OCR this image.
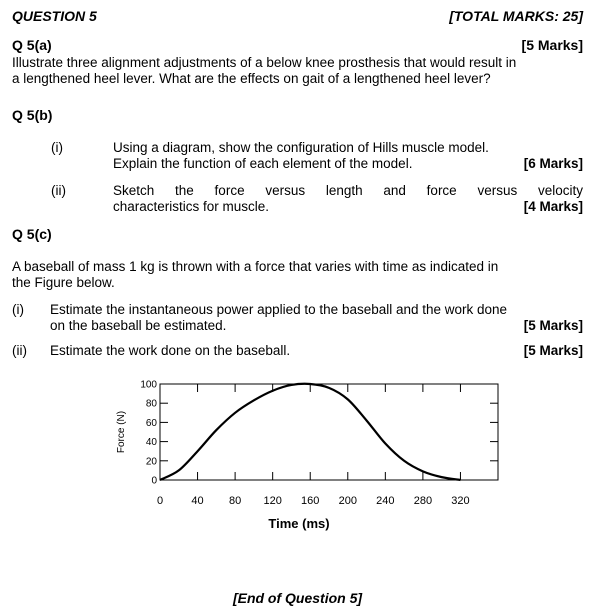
QUESTION 5	[TOTAL MARKS: 25]
Q 5(a)	[5 Marks]
Illustrate three alignment adjustments of a below knee prosthesis that would result in
a lengthened heel lever. What are the effects on gait of a lengthened heel lever?
Q 5(b)
(i)	Using a diagram, show the configuration of Hills muscle model.
Explain the function of each element of the model.	[6 Marks]
(ii)	Sketch the force versus length and force versus velocity
characteristics for muscle.	[4 Marks]
Q 5(c)
A baseball of mass 1 kg is thrown with a force that varies with time as indicated in
the Figure below.
(i) Estimate the instantaneous power applied to the baseball and the work done
on the baseball be estimated.	[5 Marks]
(ii) Estimate the work done on the baseball.	[5 Marks]
0
20
40
60
80
100
0	40 80 120 160 200 240 280 320
Time (ms)
Force (N)
[End of Question 5]
